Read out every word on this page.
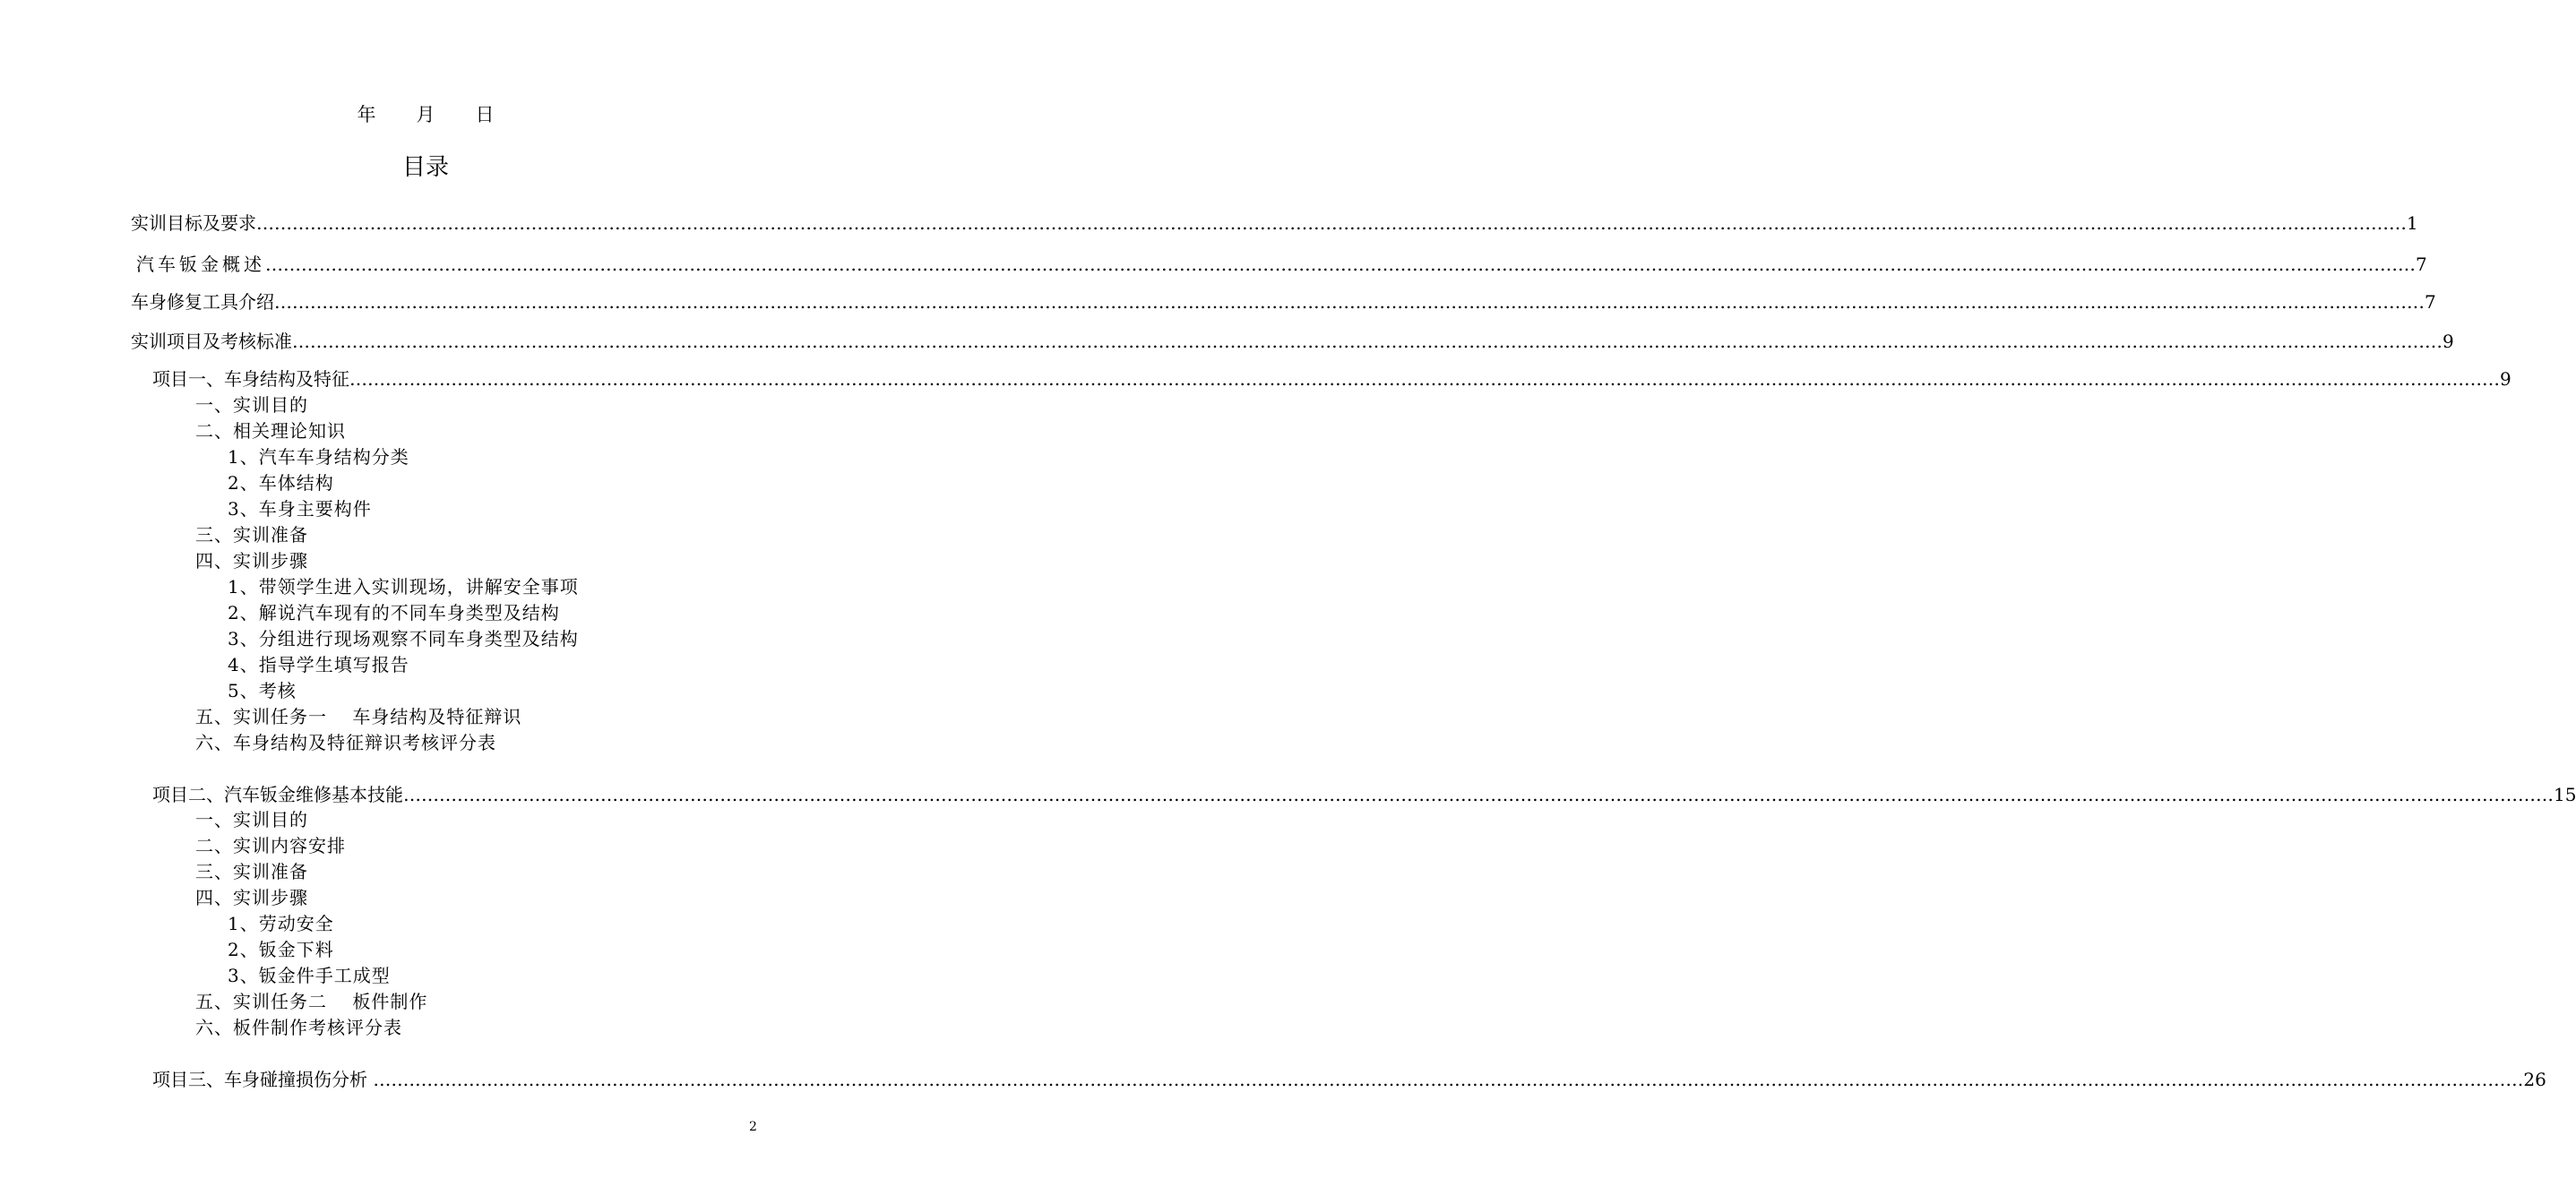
年 月 日
目录
实训目标及要求 ……………………………………………………………………………………………………………………………………………………………………………………………………………………………………………………………………………………………………………………………… 1
汽车钣金概述 ……………………………………………………………………………………………………………………………………………………………………………………………………………………………………………………………………………………………………………………………… 7
车身修复工具介绍 ……………………………………………………………………………………………………………………………………………………………………………………………………………………………………………………………………………………………………………………………… 7
实训项目及考核标准 ……………………………………………………………………………………………………………………………………………………………………………………………………………………………………………………………………………………………………………………………… 9
项目一、车身结构及特征 ……………………………………………………………………………………………………………………………………………………………………………………………………………………………………………………………………………………………………………………………… 9
一、实训目的
二、相关理论知识
1、汽车车身结构分类
2、车体结构
3、车身主要构件
三、实训准备
四、实训步骤
1、带领学生进入实训现场，讲解安全事项
2、解说汽车现有的不同车身类型及结构
3、分组进行现场观察不同车身类型及结构
4、指导学生填写报告
5、考核
五、实训任务一　 车身结构及特征辩识
六、车身结构及特征辩识考核评分表
项目二、汽车钣金维修基本技能 ……………………………………………………………………………………………………………………………………………………………………………………………………………………………………………………………………………………………………………………………… 15
一、实训目的
二、实训内容安排
三、实训准备
四、实训步骤
1、劳动安全
2、钣金下料
3、钣金件手工成型
五、实训任务二　 板件制作
六、板件制作考核评分表
项目三、车身碰撞损伤分析 ……………………………………………………………………………………………………………………………………………………………………………………………………………………………………………………………………………………………………………………………… 26
2
